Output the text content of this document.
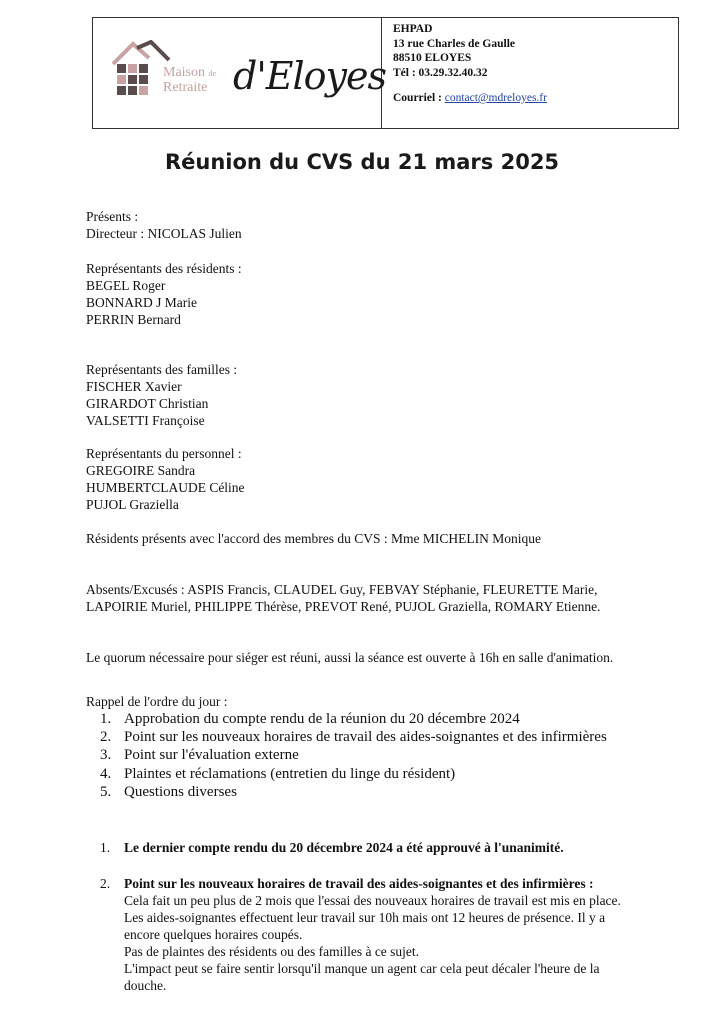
Maison de
Retraite d'Eloyes
EHPAD
13 rue Charles de Gaulle
88510 ELOYES
Tél : 03.29.32.40.32
Courriel : contact@mdreloyes.fr
Réunion du CVS du 21 mars 2025
Présents :
Directeur : NICOLAS Julien
Représentants des résidents :
BEGEL Roger
BONNARD J Marie
PERRIN Bernard
Représentants des familles :
FISCHER Xavier
GIRARDOT Christian
VALSETTI Françoise
Représentants du personnel :
GREGOIRE Sandra
HUMBERTCLAUDE Céline
PUJOL Graziella
Résidents présents avec l'accord des membres du CVS : Mme MICHELIN Monique
Absents/Excusés : ASPIS Francis, CLAUDEL Guy, FEBVAY Stéphanie, FLEURETTE Marie,
LAPOIRIE Muriel, PHILIPPE Thérèse, PREVOT René, PUJOL Graziella, ROMARY Etienne.
Le quorum nécessaire pour siéger est réuni, aussi la séance est ouverte à 16h en salle d'animation.
Rappel de l'ordre du jour :
1. Approbation du compte rendu de la réunion du 20 décembre 2024
2. Point sur les nouveaux horaires de travail des aides-soignantes et des infirmières
3. Point sur l'évaluation externe
4. Plaintes et réclamations (entretien du linge du résident)
5. Questions diverses
1. Le dernier compte rendu du 20 décembre 2024 a été approuvé à l'unanimité.
2. Point sur les nouveaux horaires de travail des aides-soignantes et des infirmières :
Cela fait un peu plus de 2 mois que l'essai des nouveaux horaires de travail est mis en place.
Les aides-soignantes effectuent leur travail sur 10h mais ont 12 heures de présence. Il y a
encore quelques horaires coupés.
Pas de plaintes des résidents ou des familles à ce sujet.
L'impact peut se faire sentir lorsqu'il manque un agent car cela peut décaler l'heure de la
douche.
